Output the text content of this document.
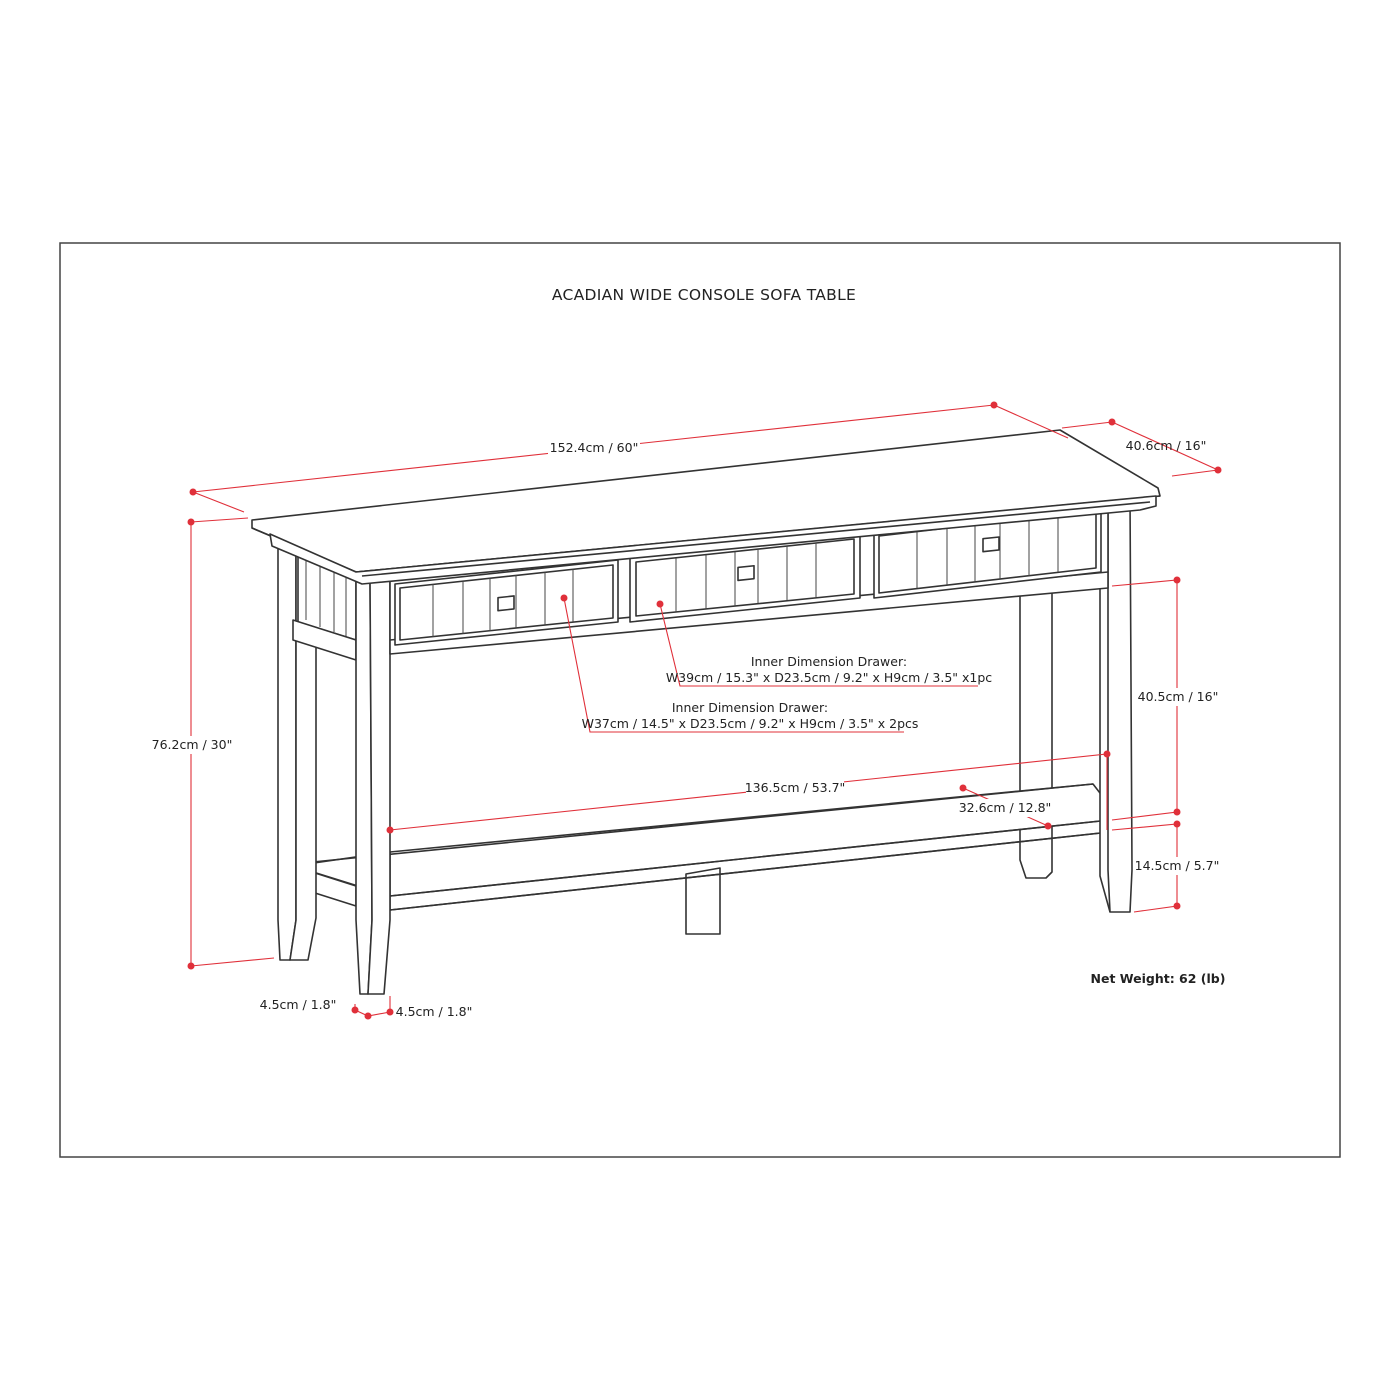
ACADIAN WIDE CONSOLE SOFA TABLE
152.4cm / 60"	40.6cm / 16"
76.2cm / 30"
40.5cm / 16"
14.5cm / 5.7"
136.5cm / 53.7"
32.6cm / 12.8"
4.5cm / 1.8"	4.5cm / 1.8"
Inner Dimension Drawer:
W39cm / 15.3" x D23.5cm / 9.2" x H9cm / 3.5" x1pc
Inner Dimension Drawer:
W37cm / 14.5" x D23.5cm / 9.2" x H9cm / 3.5" x 2pcs
Net Weight: 62 (lb)
